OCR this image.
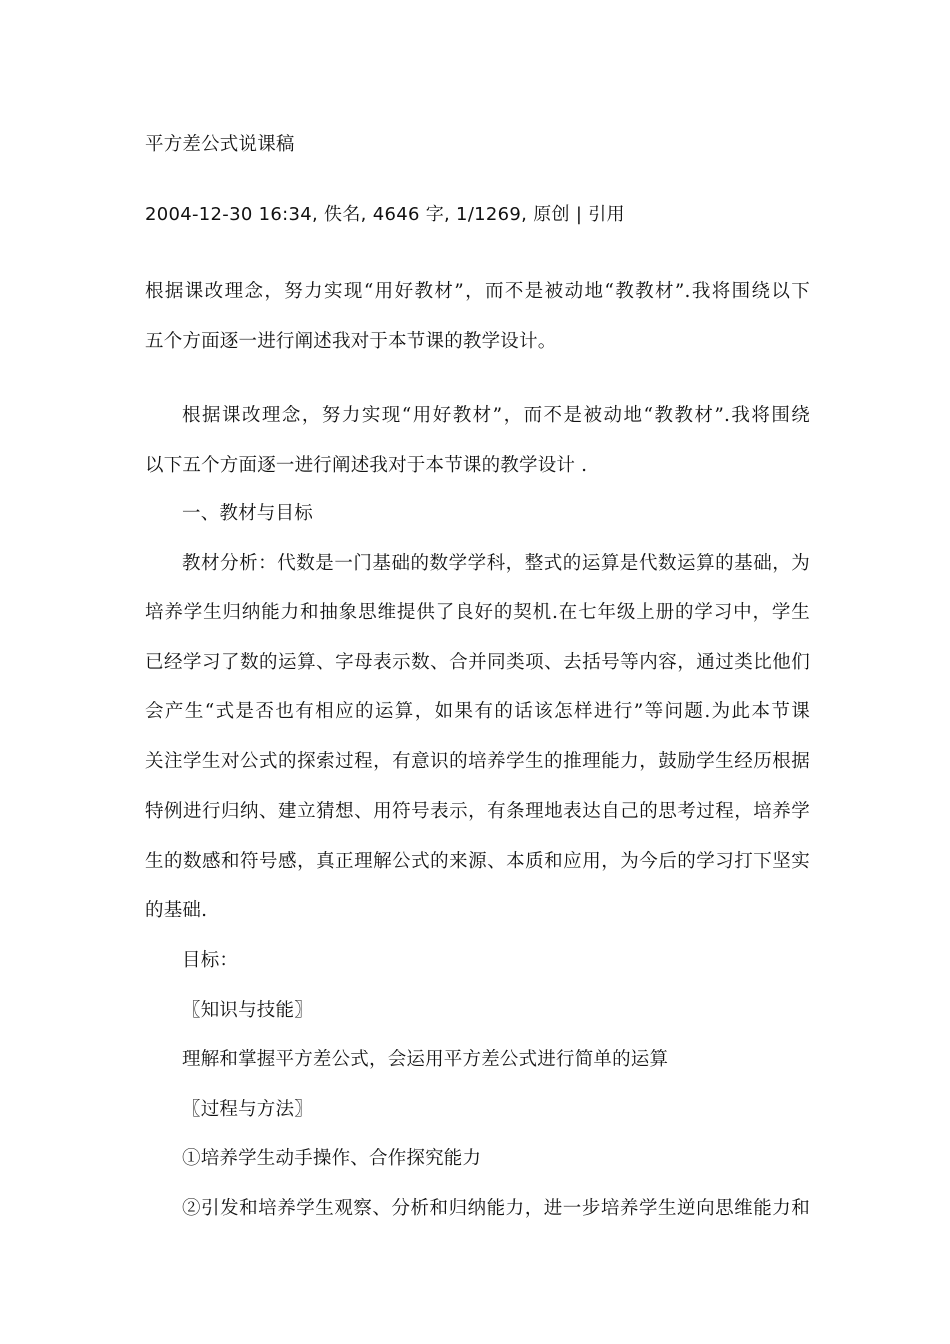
平方差公式说课稿
2004-12-30 16:34, 佚名, 4646 字, 1/1269, 原创 | 引用
根据课改理念，努力实现“用好教材”，而不是被动地“教教材”.我将围绕以下
五个方面逐一进行阐述我对于本节课的教学设计。
根据课改理念，努力实现“用好教材”，而不是被动地“教教材”.我将围绕
以下五个方面逐一进行阐述我对于本节课的教学设计 .
一、教材与目标
教材分析：代数是一门基础的数学学科，整式的运算是代数运算的基础，为
培养学生归纳能力和抽象思维提供了良好的契机.在七年级上册的学习中，学生
已经学习了数的运算、字母表示数、合并同类项、去括号等内容，通过类比他们
会产生“式是否也有相应的运算，如果有的话该怎样进行”等问题.为此本节课
关注学生对公式的探索过程，有意识的培养学生的推理能力，鼓励学生经历根据
特例进行归纳、建立猜想、用符号表示，有条理地表达自己的思考过程，培养学
生的数感和符号感，真正理解公式的来源、本质和应用，为今后的学习打下坚实
的基础.
目标：
〖知识与技能〗
理解和掌握平方差公式，会运用平方差公式进行简单的运算
〖过程与方法〗
①培养学生动手操作、合作探究能力
②引发和培养学生观察、分析和归纳能力，进一步培养学生逆向思维能力和
